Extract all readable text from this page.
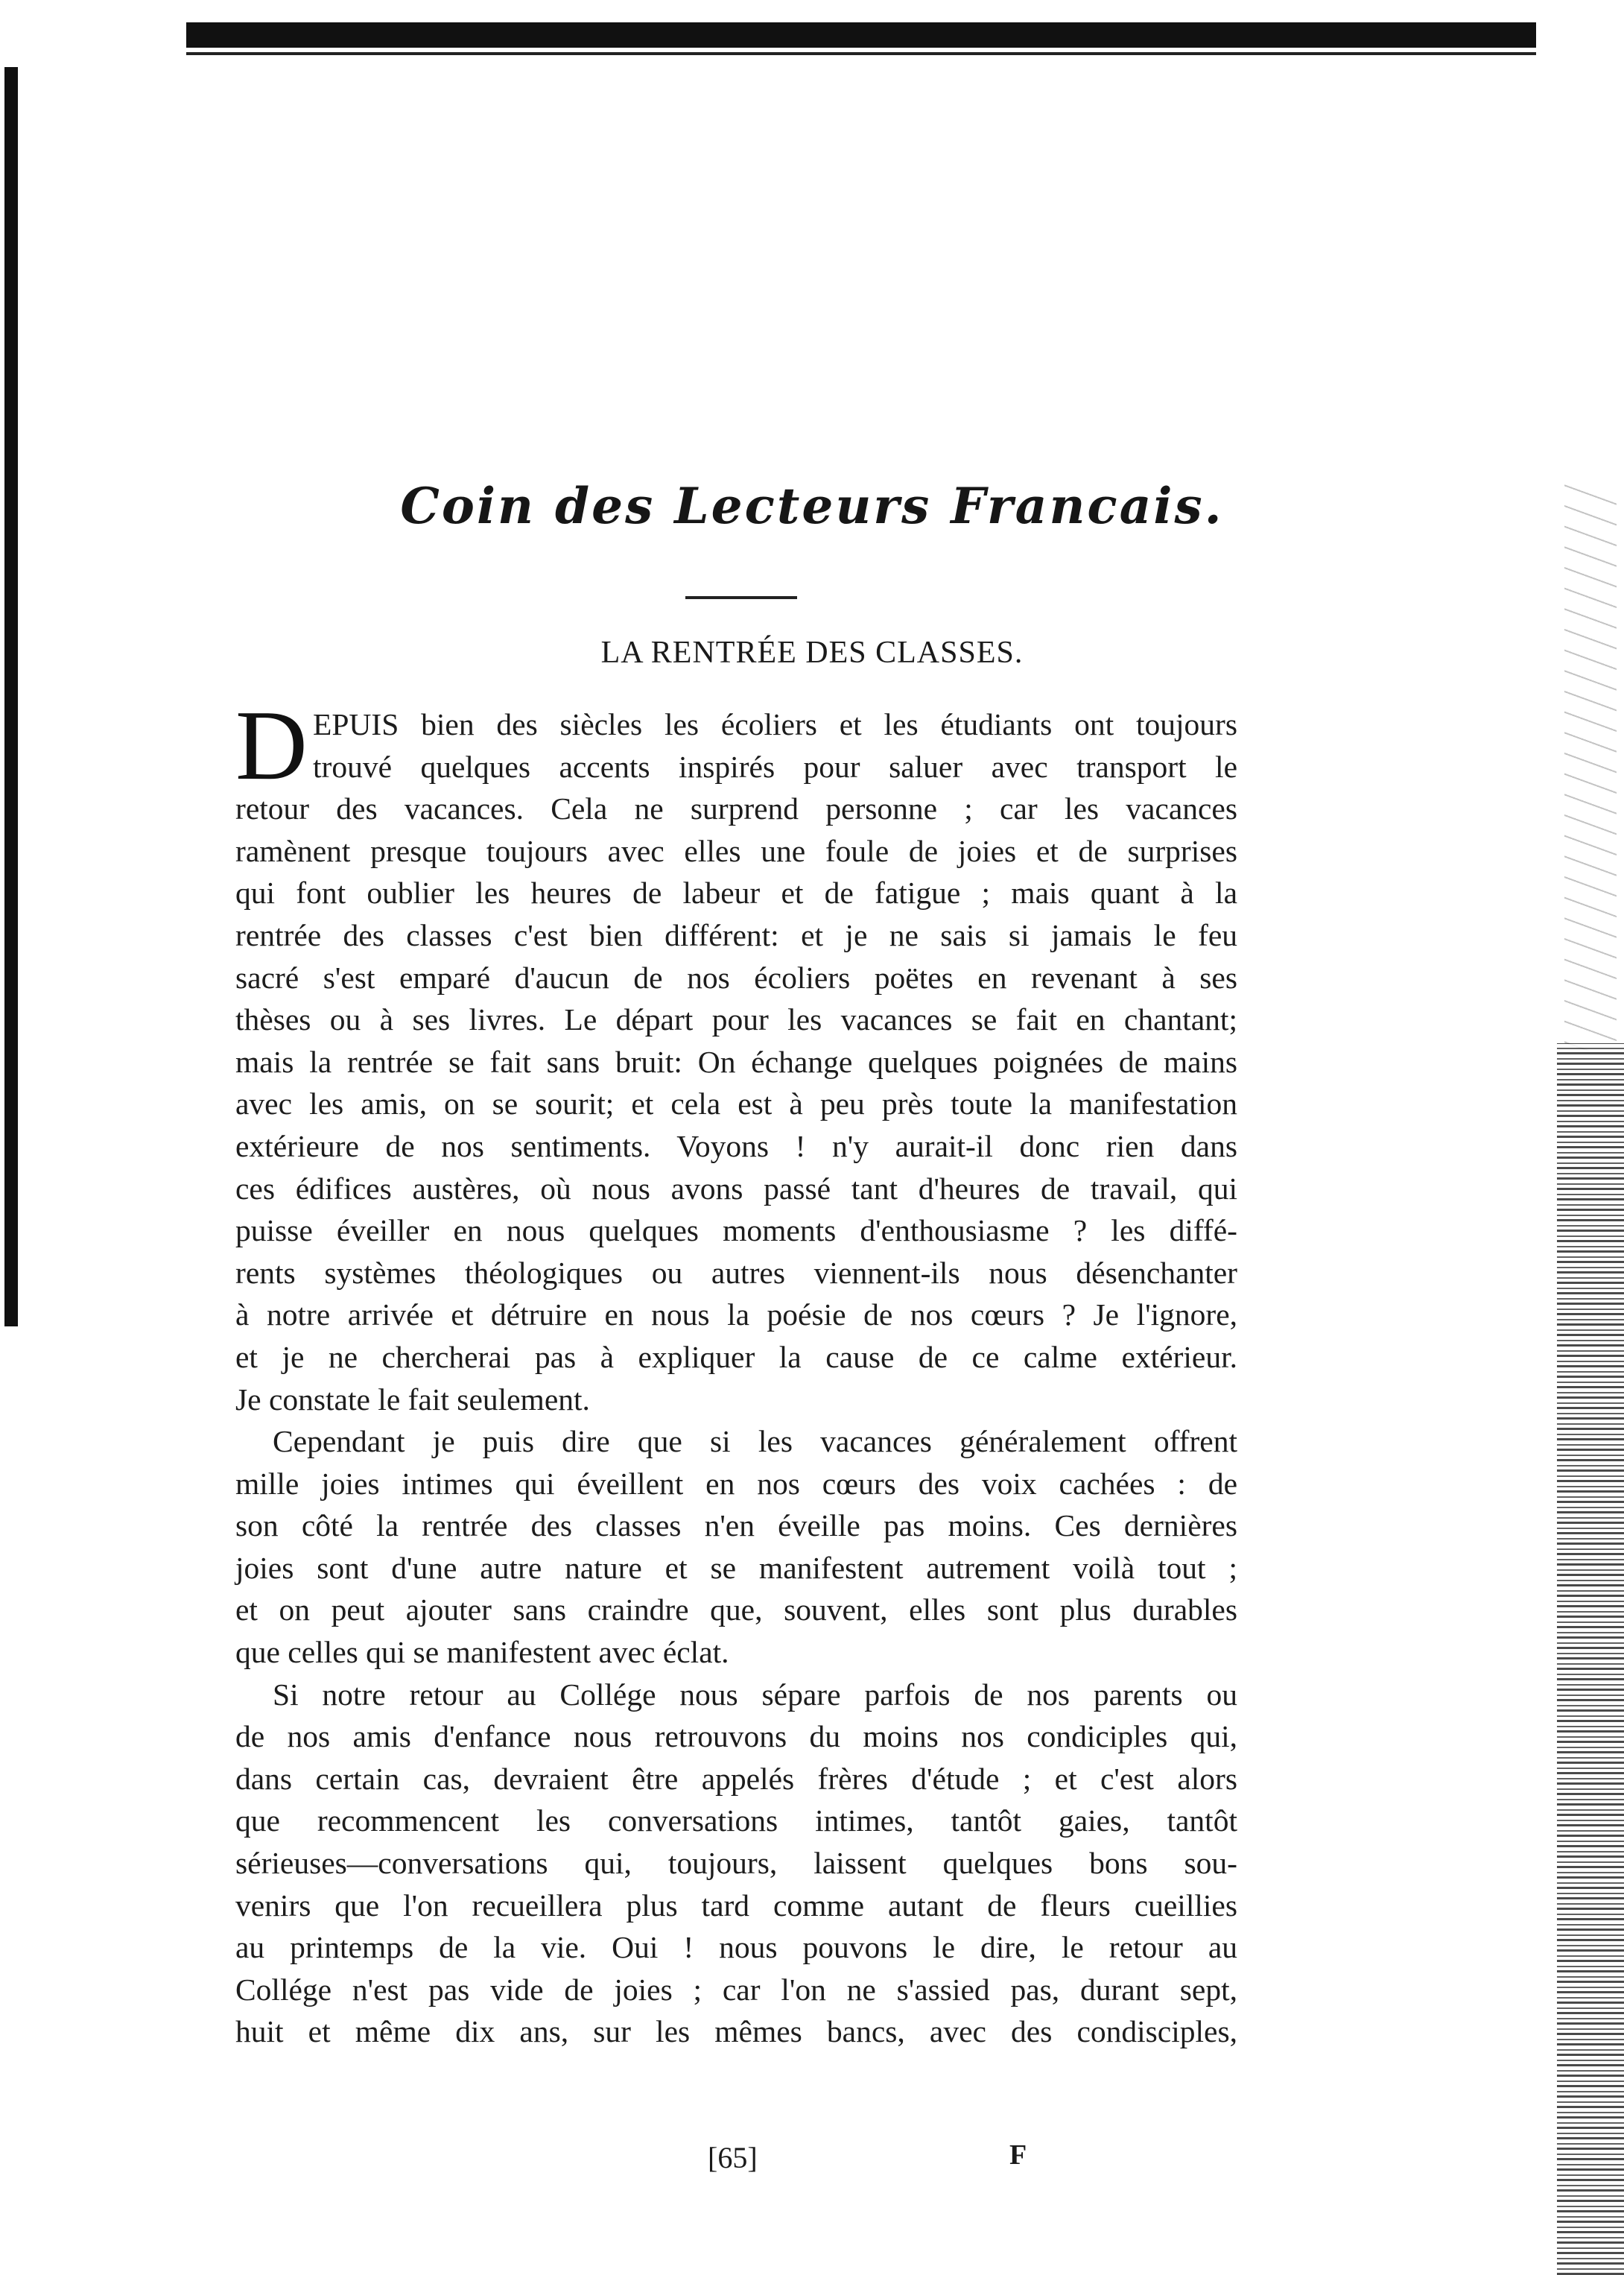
Coin des Lecteurs Francais.
LA RENTRÉE DES CLASSES.
D EPUIS bien des siècles les écoliers et les étudiants ont toujours
trouvé quelques accents inspirés pour saluer avec transport le
retour des vacances. Cela ne surprend personne ; car les vacances
ramènent presque toujours avec elles une foule de joies et de surprises
qui font oublier les heures de labeur et de fatigue ; mais quant à la
rentrée des classes c'est bien différent: et je ne sais si jamais le feu
sacré s'est emparé d'aucun de nos écoliers poëtes en revenant à ses
thèses ou à ses livres. Le départ pour les vacances se fait en chantant;
mais la rentrée se fait sans bruit: On échange quelques poignées de mains
avec les amis, on se sourit; et cela est à peu près toute la manifestation
extérieure de nos sentiments. Voyons ! n'y aurait-il donc rien dans
ces édifices austères, où nous avons passé tant d'heures de travail, qui
puisse éveiller en nous quelques moments d'enthousiasme ? les diffé-
rents systèmes théologiques ou autres viennent-ils nous désenchanter
à notre arrivée et détruire en nous la poésie de nos cœurs ? Je l'ignore,
et je ne chercherai pas à expliquer la cause de ce calme extérieur.
Je constate le fait seulement.
Cependant je puis dire que si les vacances généralement offrent
mille joies intimes qui éveillent en nos cœurs des voix cachées : de
son côté la rentrée des classes n'en éveille pas moins. Ces dernières
joies sont d'une autre nature et se manifestent autrement voilà tout ;
et on peut ajouter sans craindre que, souvent, elles sont plus durables
que celles qui se manifestent avec éclat.
Si notre retour au Collége nous sépare parfois de nos parents ou
de nos amis d'enfance nous retrouvons du moins nos condiciples qui,
dans certain cas, devraient être appelés frères d'étude ; et c'est alors
que recommencent les conversations intimes, tantôt gaies, tantôt
sérieuses—conversations qui, toujours, laissent quelques bons sou-
venirs que l'on recueillera plus tard comme autant de fleurs cueillies
au printemps de la vie. Oui ! nous pouvons le dire, le retour au
Collége n'est pas vide de joies ; car l'on ne s'assied pas, durant sept,
huit et même dix ans, sur les mêmes bancs, avec des condisciples,
[65]	F
